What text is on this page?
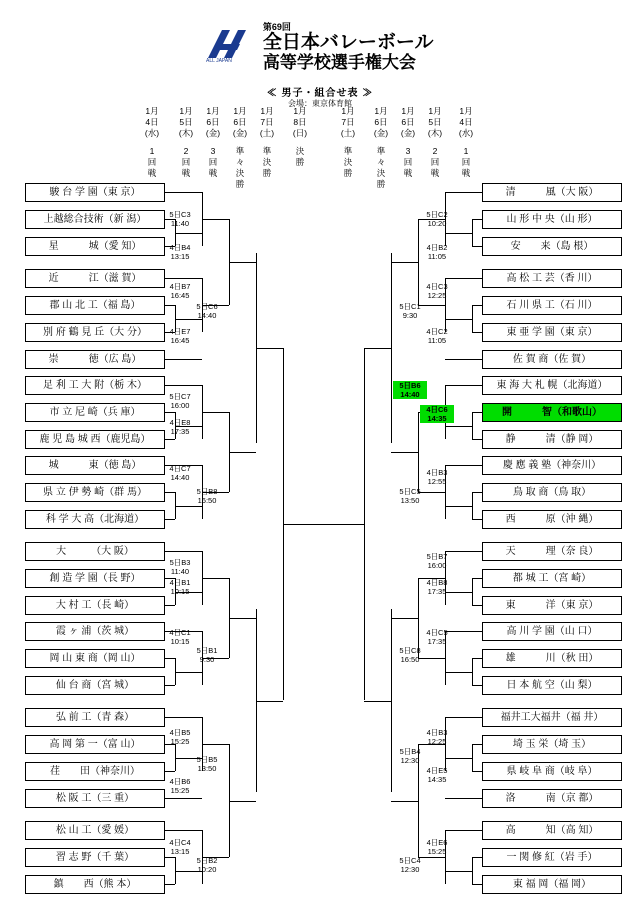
ALL JAPAN

第69回
全日本バレーボール
高等学校選手権大会
≪ 男子・組合せ表 ≫
会場：東京体育館
1月
4日
(水)
1
回
戦
1月
5日
(木)
2
回
戦
1月
6日
(金)
3
回
戦
1月
6日
(金)
準
々
決
勝
1月
7日
(土)
準
決
勝
1月
8日
(日)
決
勝
1月
7日
(土)
準
決
勝
1月
6日
(金)
準
々
決
勝
1月
6日
(金)
3
回
戦
1月
5日
(木)
2
回
戦
1月
4日
(水)
1
回
戦
駿 台 学 園（東 京）
上越総合技術（新 潟）
星　　　城（愛 知）
近　　　江（滋 賀）
郡 山 北 工（福 島）
別 府 鶴 見 丘（大 分）
崇　　　徳（広 島）
足 利 工 大 附（栃 木）
市 立 尼 崎（兵 庫）
鹿 児 島 城 西（鹿児島）
城　　　東（徳 島）
県 立 伊 勢 崎（群 馬）
科 学 大 高（北海道）
大　　　（大 阪）
創 造 学 園（長 野）
大 村 工（長 崎）
霞 ヶ 浦（茨 城）
岡 山 東 商（岡 山）
仙 台 商（宮 城）
弘 前 工（青 森）
高 岡 第 一（富 山）
荏　　田（神奈川）
松 阪 工（三 重）
松 山 工（愛 媛）
習 志 野（千 葉）
鎮　　西（熊 本）
清　　　風（大 阪）
山 形 中 央（山 形）
安　　来（島 根）
高 松 工 芸（香 川）
石 川 県 工（石 川）
東 亜 学 園（東 京）
佐 賀 商（佐 賀）
東 海 大 札 幌（北海道）
開　　　智（和歌山）
静　　　清（静 岡）
慶 應 義 塾（神奈川）
鳥 取 商（鳥 取）
西　　　原（沖 縄）
天　　　理（奈 良）
都 城 工（宮 崎）
東　　　洋（東 京）
高 川 学 園（山 口）
雄　　　川（秋 田）
日 本 航 空（山 梨）
福井工大福井（福 井）
埼 玉 栄（埼 玉）
県 岐 阜 商（岐 阜）
洛　　　南（京 都）
高　　　知（高 知）
一 関 修 紅（岩 手）
東 福 岡（福 岡）
5日C3
11:40
4日B4
13:15
4日B7
16:45
5日C6
14:40
4日E7
16:45
5日C7
16:00
4日E8
17:35
4日C7
14:40
5日B8
16:50
5日B3
11:40
4日B1
10:15
4日C1
10:15
5日B1
9:30
4日B5
15:25
5日B5
13:50
4日B6
15:25
4日C4
13:15
5日B2
10:20
5日C2
10:20
4日B2
11:05
4日C3
12:25
5日C1
9:30
4日C2
11:05
5日B6
14:40
4日C6
14:35
4日B3
12:55
5日C5
13:50
5日B7
16:00
4日B8
17:35
4日C5
17:35
5日C8
16:50
4日B3
12:25
5日B4
12:30
4日E5
14:35
4日E6
15:25
5日C4
12:30
